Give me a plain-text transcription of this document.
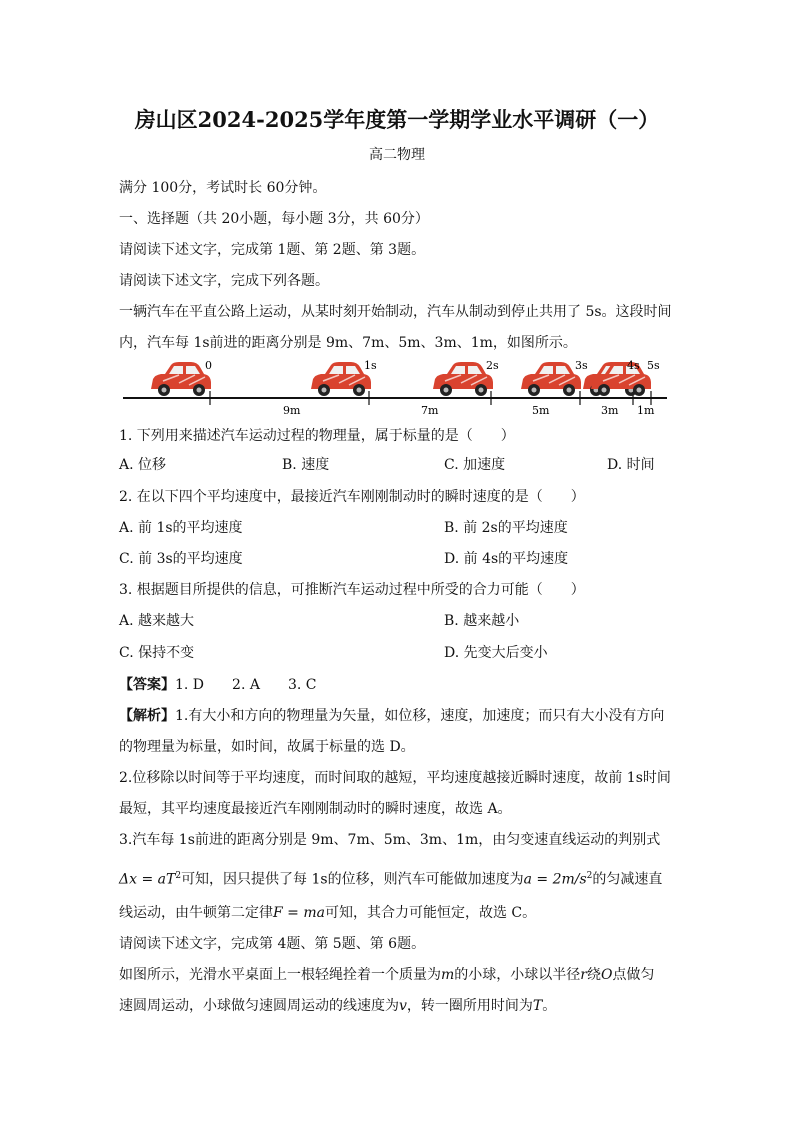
房山区2024-2025学年度第一学期学业水平调研（一）
高二物理
满分 100分，考试时长 60分钟。
一、选择题（共 20小题，每小题 3分，共 60分）
请阅读下述文字，完成第 1题、第 2题、第 3题。
请阅读下述文字，完成下列各题。
一辆汽车在平直公路上运动，从某时刻开始制动，汽车从制动到停止共用了 5s。这段时间
内，汽车每 1s前进的距离分别是 9m、7m、5m、3m、1m，如图所示。
0	1s	2s	3s	4s 5s
9m	7m	5m	3m 1m
1. 下列用来描述汽车运动过程的物理量，属于标量的是（　　）
A. 位移	B. 速度	C. 加速度	D. 时间
2. 在以下四个平均速度中，最接近汽车刚刚制动时的瞬时速度的是（　　）
A. 前 1s的平均速度	B. 前 2s的平均速度
C. 前 3s的平均速度	D. 前 4s的平均速度
3. 根据题目所提供的信息，可推断汽车运动过程中所受的合力可能（　　）
A. 越来越大	B. 越来越小
C. 保持不变	D. 先变大后变小
【答案】1. D　　2. A　　3. C
【解析】1.有大小和方向的物理量为矢量，如位移，速度，加速度；而只有大小没有方向
的物理量为标量，如时间，故属于标量的选 D。
2.位移除以时间等于平均速度，而时间取的越短，平均速度越接近瞬时速度，故前 1s时间
最短，其平均速度最接近汽车刚刚制动时的瞬时速度，故选 A。
3.汽车每 1s前进的距离分别是 9m、7m、5m、3m、1m，由匀变速直线运动的判别式
$\Delta x = aT^2$可知，因只提供了每 1s的位移，则汽车可能做加速度为$a = 2m/s^2$的匀减速直
线运动，由牛顿第二定律F = ma可知，其合力可能恒定，故选 C。
请阅读下述文字，完成第 4题、第 5题、第 6题。
如图所示，光滑水平桌面上一根轻绳拴着一个质量为m的小球，小球以半径r绕O点做匀
速圆周运动，小球做匀速圆周运动的线速度为v，转一圈所用时间为T。
